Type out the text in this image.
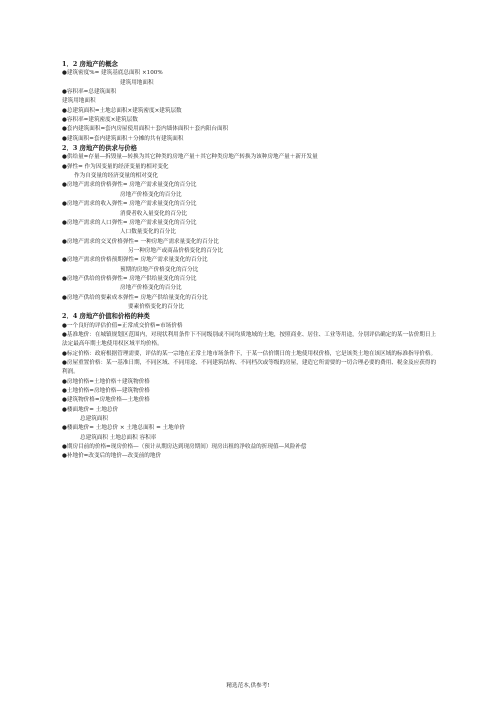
1．2 房地产的概念
●建筑密度%= 建筑基底总面积 ×100%
建筑用地面积
●容积率=总建筑面积
建筑用地面积
●总建筑面积=土地总面积×建筑密度×建筑层数
●容积率=建筑密度×建筑层数
●套内建筑面积=套内房屋使用面积＋套内墙体面积＋套内阳台面积
●建筑面积=套内建筑面积＋分摊的共有建筑面积
2．3 房地产的供求与价格
●供给量=存量—拆毁量—转换为其它种类的房地产量＋其它种类房地产转换为该种房地产量＋新开发量
●弹性= 作为因变量的经济变量的相对变化
作为自变量的经济变量的相对变化
●房地产需求的价格弹性= 房地产需求量变化的百分比
房地产价格变化的百分比
●房地产需求的收入弹性= 房地产需求量变化的百分比
消费者收入量变化的百分比
●房地产需求的人口弹性= 房地产需求量变化的百分比
人口数量变化的百分比
●房地产需求的交叉价格弹性= 一种房地产需求量变化的百分比
另一种房地产或商品价格变化的百分比
●房地产需求的价格预期弹性= 房地产需求量变化的百分比
预期的房地产价格变化的百分比
●房地产供给的价格弹性= 房地产供给量变化的百分比
房地产价格变化的百分比
●房地产供给的要素成本弹性= 房地产供给量变化的百分比
要素价格变化的百分比
2．4 房地产价值和价格的种类
●一个良好的评估价值=正常成交价格=市场价格
●基准地价：在城镇规划区范围内，对现状利用条件下不同级别或不同均质地域的土地，按照商业、居住、工业等用途，分别评估确定的某一估价期日上法定最高年期土地使用权区域平均价格。
●标定价格：政府根据管理需要，评估的某一宗地在正常土地市场条件下，于某一估价期日的土地使用权价格，它是该类土地在该区域的标准指导价格。
●房屋重置价格：某一基准日期，不同区域、不同用途、不同建筑结构、不同档次或等级的房屋，建造它所需要的一切合理必要的费用、税金及应获得的利润。
●房地价格=土地价格＋建筑物价格
●土地价格=房地价格—建筑物价格
●建筑物价格=房地价格—土地价格
●楼面地价= 土地总价
总建筑面积
●楼面地价= 土地总价 × 土地总面积 = 土地单价
总建筑面积 土地总面积 容积率
●期房目前的价格=现房价格—（预计从期房达到现房期间）现房出租的净收益的折现值—风险补偿
●补地价=改变后的地价—改变前的地价
精选范本,供参考!
